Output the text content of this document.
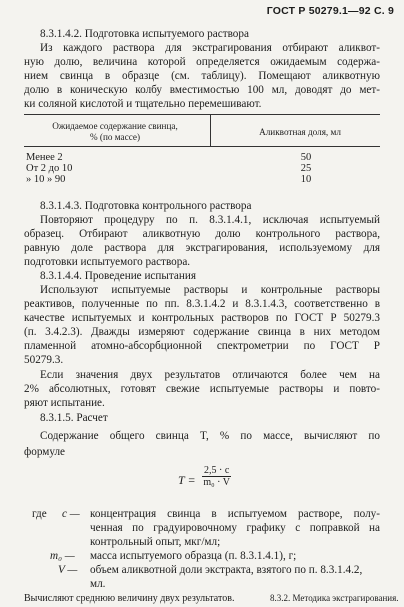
ГОСТ Р 50279.1—92 С. 9
8.3.1.4.2. Подготовка испытуемого раствора
Из каждого раствора для экстрагирования отбирают аликвот-
ную долю, величина которой определяется ожидаемым содержа-
нием свинца в образце (см. таблицу). Помещают аликвотную
долю в коническую колбу вместимостью 100 мл, доводят до мет-
ки соляной кислотой и тщательно перемешивают.
Ожидаемое содержание свинца,
% (по массе)	Аликвотная доля, мл
Менее 2	50
От 2 до 10	25
» 10 » 90	10
8.3.1.4.3. Подготовка контрольного раствора
Повторяют процедуру по п. 8.3.1.4.1, исключая испытуемый
образец. Отбирают аликвотную долю контрольного раствора,
равную доле раствора для экстрагирования, используемому для
подготовки испытуемого раствора.
8.3.1.4.4. Проведение испытания
Используют испытуемые растворы и контрольные растворы
реактивов, полученные по пп. 8.3.1.4.2 и 8.3.1.4.3, соответственно в
качестве испытуемых и контрольных растворов по ГОСТ Р 50279.3
(п. 3.4.2.3). Дважды измеряют содержание свинца в них методом
пламенной атомно-абсорбционной спектрометрии по ГОСТ Р
50279.3.
Если значения двух результатов отличаются более чем на
2% абсолютных, готовят свежие испытуемые растворы и повто-
ряют испытание.
8.3.1.5. Расчет
Содержание общего свинца T, % по массе, вычисляют по
формуле
$T = \frac{2,5 \cdot c}{\text{m₀ · V}}$
где c — концентрация свинца в испытуемом растворе, полу-
ченная по градуировочному графику с поправкой на
контрольный опыт, мкг/мл;
m₀ — масса испытуемого образца (п. 8.3.1.4.1), г;
V — объем аликвотной доли экстракта, взятого по п. 8.3.1.4.2,
мл.
Вычисляют среднюю величину двух результатов.	8.3.2. Методика экстрагирования.
